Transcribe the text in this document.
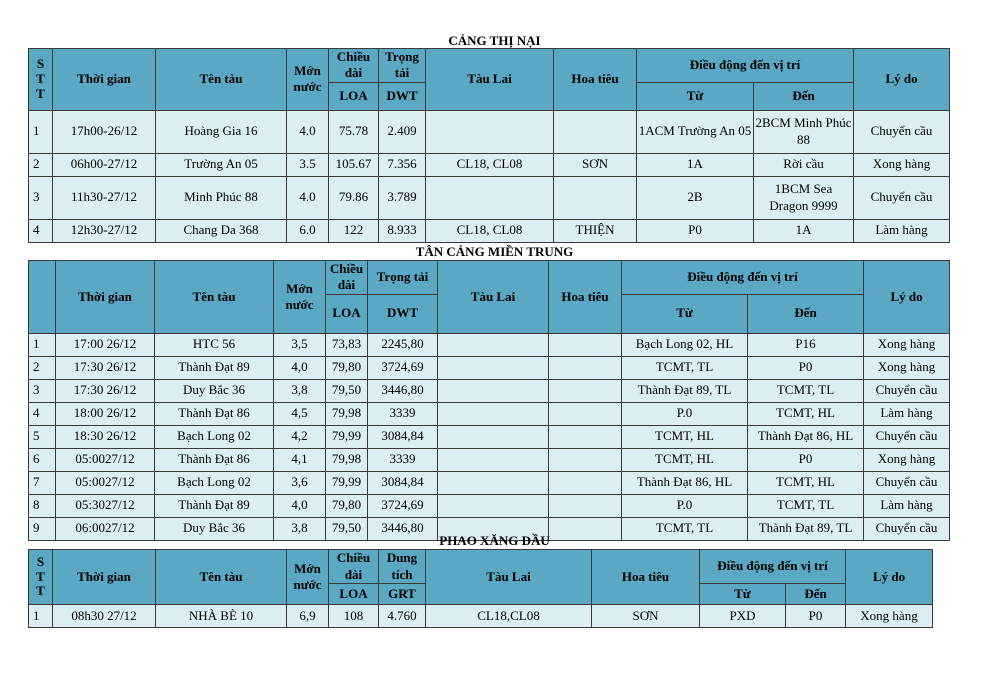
CẢNG THỊ NẠI
S
T
T	Thời gian	Tên tàu	Mớn nước	Chiều dài	Trọng tải	Tàu Lai	Hoa tiêu	Điều động đến vị trí		Lý do
				LOA	DWT			Từ	Đến	
1	17h00-26/12	Hoàng Gia 16	4.0	75.78	2.409			1ACM Trường An 05	2BCM Minh Phúc 88	Chuyển cầu
2	06h00-27/12	Trường An 05	3.5	105.67	7.356	CL18, CL08	SƠN	1A	Rời cầu	Xong hàng
3	11h30-27/12	Minh Phúc 88	4.0	79.86	3.789			2B	1BCM Sea Dragon 9999	Chuyển cầu
4	12h30-27/12	Chang Da 368	6.0	122	8.933	CL18, CL08	THIỆN	P0	1A	Làm hàng
TÂN CẢNG MIỀN TRUNG
	Thời gian	Tên tàu	Mớn nước	Chiều dài	Trọng tải	Tàu Lai	Hoa tiêu	Điều động đến vị trí		Lý do
				LOA	DWT			Từ	Đến	
1	17:00 26/12	HTC 56	3,5	73,83	2245,80			Bạch Long 02, HL	P16	Xong hàng
2	17:30 26/12	Thành Đạt 89	4,0	79,80	3724,69			TCMT, TL	P0	Xong hàng
3	17:30 26/12	Duy Bắc 36	3,8	79,50	3446,80			Thành Đạt 89, TL	TCMT, TL	Chuyển cầu
4	18:00 26/12	Thành Đạt 86	4,5	79,98	3339			P.0	TCMT, HL	Làm hàng
5	18:30 26/12	Bạch Long 02	4,2	79,99	3084,84			TCMT, HL	Thành Đạt 86, HL	Chuyển cầu
6	05:0027/12	Thành Đạt 86	4,1	79,98	3339			TCMT, HL	P0	Xong hàng
7	05:0027/12	Bạch Long 02	3,6	79,99	3084,84			Thành Đạt 86, HL	TCMT, HL	Chuyển cầu
8	05:3027/12	Thành Đạt 89	4,0	79,80	3724,69			P.0	TCMT, TL	Làm hàng
9	06:0027/12	Duy Bắc 36	3,8	79,50	3446,80			TCMT, TL	Thành Đạt 89, TL	Chuyển cầu
PHAO XĂNG DẦU
S
T
T	Thời gian	Tên tàu	Mớn nước	Chiều dài	Dung tích	Tàu Lai	Hoa tiêu	Điều động đến vị trí		Lý do
				LOA	GRT			Từ	Đến	
1	08h30 27/12	NHÀ BÈ 10	6,9	108	4.760	CL18,CL08	SƠN	PXD	P0	Xong hàng
